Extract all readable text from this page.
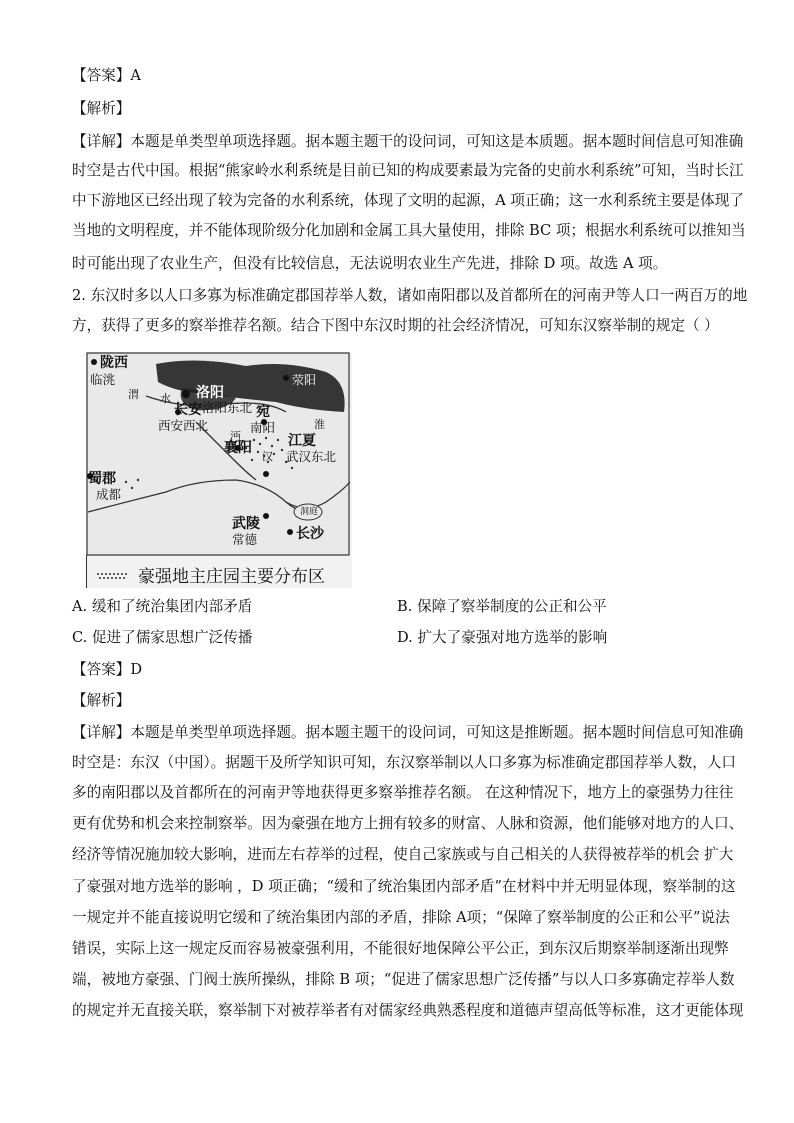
【答案】A
【解析】
【详解】本题是单类型单项选择题。据本题主题干的设问词，可知这是本质题。据本题时间信息可知准确
时空是古代中国。根据“熊家岭水利系统是目前已知的构成要素最为完备的史前水利系统”可知，当时长江
中下游地区已经出现了较为完备的水利系统，体现了文明的起源，A 项正确；这一水利系统主要是体现了
当地的文明程度，并不能体现阶级分化加剧和金属工具大量使用，排除 BC 项；根据水利系统可以推知当
时可能出现了农业生产，但没有比较信息，无法说明农业生产先进，排除 D 项。故选 A 项。
2. 东汉时多以人口多寡为标准确定郡国荐举人数，诸如南阳郡以及首都所在的河南尹等人口一两百万的地
方，获得了更多的察举推荐名额。结合下图中东汉时期的社会经济情况，可知东汉察举制的规定（ ）
陇西
临洮
渭 水 洛阳
荥阳
长安 洛阳东北
西安西北
宛
南阳
沔
淮
襄阳
汉
江夏
武汉东北
蜀郡
成都
洞庭
武陵
常德	长沙
豪强地主庄园主要分布区
A. 缓和了统治集团内部矛盾	B. 保障了察举制度的公正和公平
C. 促进了儒家思想广泛传播	D. 扩大了豪强对地方选举的影响
【答案】D
【解析】
【详解】本题是单类型单项选择题。据本题主题干的设问词，可知这是推断题。据本题时间信息可知准确
时空是：东汉（中国）。据题干及所学知识可知，东汉察举制以人口多寡为标准确定郡国荐举人数，人口
多的南阳郡以及首都所在的河南尹等地获得更多察举推荐名额。 在这种情况下，地方上的豪强势力往往
更有优势和机会来控制察举。因为豪强在地方上拥有较多的财富、人脉和资源，他们能够对地方的人口、
经济等情况施加较大影响，进而左右荐举的过程，使自己家族或与自己相关的人获得被荐举的机会 扩大
了豪强对地方选举的影响 ，D 项正确；“缓和了统治集团内部矛盾”在材料中并无明显体现，察举制的这
一规定并不能直接说明它缓和了统治集团内部的矛盾，排除 A项；“保障了察举制度的公正和公平”说法
错误，实际上这一规定反而容易被豪强利用，不能很好地保障公平公正，到东汉后期察举制逐渐出现弊
端，被地方豪强、门阀士族所操纵，排除 B 项；“促进了儒家思想广泛传播”与以人口多寡确定荐举人数
的规定并无直接关联，察举制下对被荐举者有对儒家经典熟悉程度和道德声望高低等标准，这才更能体现
